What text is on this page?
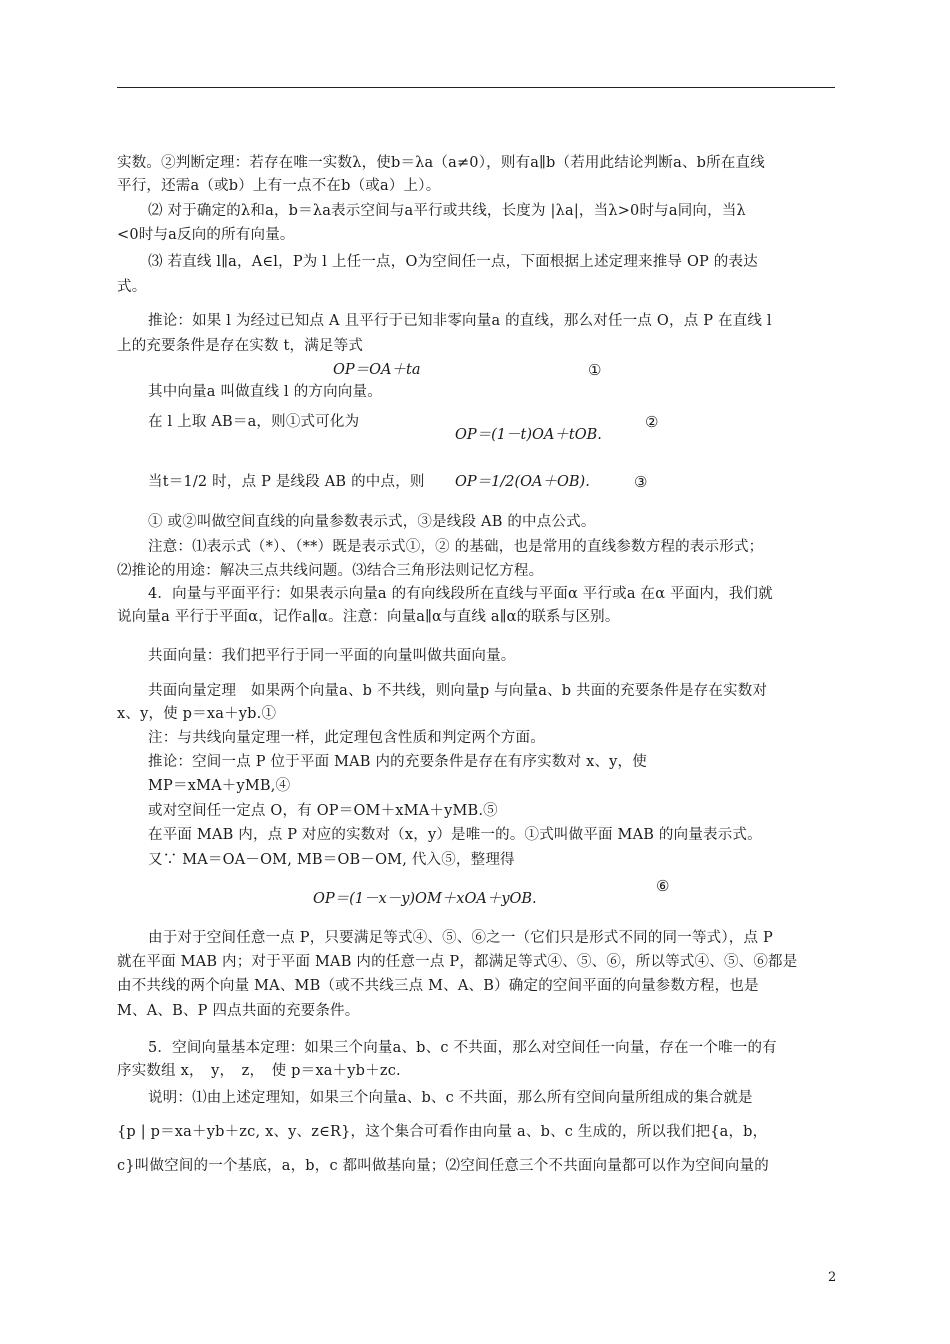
实数。②判断定理：若存在唯一实数λ，使b＝λa（a≠0），则有a∥b（若用此结论判断a、b所在直线
平行，还需a（或b）上有一点不在b（或a）上）。
⑵ 对于确定的λ和a，b＝λa表示空间与a平行或共线，长度为 |λa|，当λ>0时与a同向，当λ
<0时与a反向的所有向量。
⑶ 若直线 l∥a，A∈l，P为 l 上任一点，O为空间任一点，下面根据上述定理来推导 OP 的表达
式。
推论：如果 l 为经过已知点 A 且平行于已知非零向量a 的直线，那么对任一点 O，点 P 在直线 l
上的充要条件是存在实数 t，满足等式
OP＝OA＋ta	①
其中向量a 叫做直线 l 的方向向量。
在 l 上取 AB＝a，则①式可化为
OP＝(1－t)OA＋tOB.
②
当t＝1/2 时，点 P 是线段 AB 的中点，则 OP＝1/2(OA＋OB).	③
① 或②叫做空间直线的向量参数表示式，③是线段 AB 的中点公式。
注意：⑴表示式（*）、（**）既是表示式①，② 的基础，也是常用的直线参数方程的表示形式；
⑵推论的用途：解决三点共线问题。⑶结合三角形法则记忆方程。
4．向量与平面平行：如果表示向量a 的有向线段所在直线与平面α 平行或a 在α 平面内，我们就
说向量a 平行于平面α，记作a∥α。注意：向量a∥α与直线 a∥α的联系与区别。
共面向量：我们把平行于同一平面的向量叫做共面向量。
共面向量定理　如果两个向量a、b 不共线，则向量p 与向量a、b 共面的充要条件是存在实数对
x、y，使 p＝xa＋yb.①
注：与共线向量定理一样，此定理包含性质和判定两个方面。
推论：空间一点 P 位于平面 MAB 内的充要条件是存在有序实数对 x、y，使
MP＝xMA＋yMB,④
或对空间任一定点 O，有 OP＝OM＋xMA＋yMB.⑤
在平面 MAB 内，点 P 对应的实数对（x，y）是唯一的。①式叫做平面 MAB 的向量表示式。
又∵ MA＝OA－OM, MB＝OB－OM, 代入⑤，整理得
OP＝(1－x－y)OM＋xOA＋yOB.
⑥
由于对于空间任意一点 P，只要满足等式④、⑤、⑥之一（它们只是形式不同的同一等式），点 P
就在平面 MAB 内；对于平面 MAB 内的任意一点 P，都满足等式④、⑤、⑥，所以等式④、⑤、⑥都是
由不共线的两个向量 MA、MB（或不共线三点 M、A、B）确定的空间平面的向量参数方程，也是
M、A、B、P 四点共面的充要条件。
5．空间向量基本定理：如果三个向量a、b、c 不共面，那么对空间任一向量，存在一个唯一的有
序实数组 x，　y，　z，　使 p＝xa＋yb＋zc.
说明：⑴由上述定理知，如果三个向量a、b、c 不共面，那么所有空间向量所组成的集合就是
{p | p＝xa＋yb＋zc, x、y、z∈R}，这个集合可看作由向量 a、b、c 生成的，所以我们把{a，b，
c}叫做空间的一个基底，a，b，c 都叫做基向量；⑵空间任意三个不共面向量都可以作为空间向量的
2
